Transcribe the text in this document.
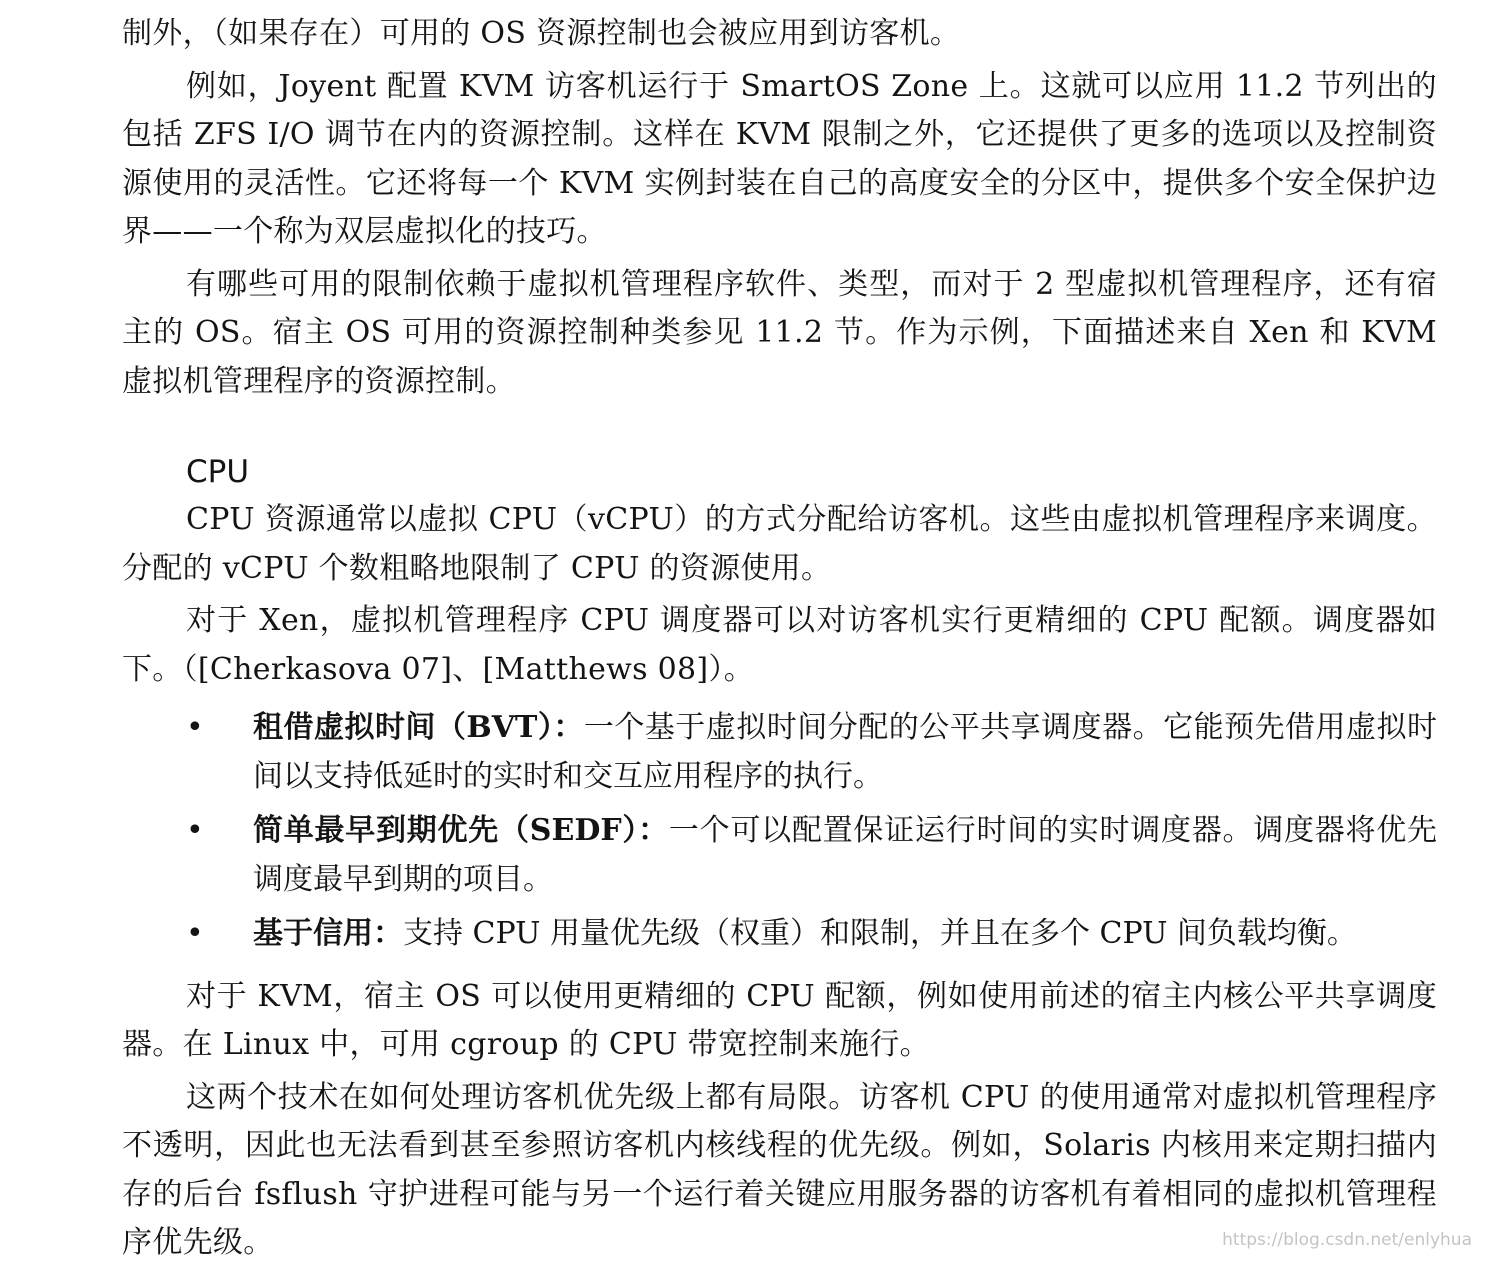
制外，（如果存在）可用的 OS 资源控制也会被应用到访客机。

例如，Joyent 配置 KVM 访客机运行于 SmartOS Zone 上。这就可以应用 11.2 节列出的包括 ZFS I/O 调节在内的资源控制。这样在 KVM 限制之外，它还提供了更多的选项以及控制资源使用的灵活性。它还将每一个 KVM 实例封装在自己的高度安全的分区中，提供多个安全保护边界——一个称为双层虚拟化的技巧。

有哪些可用的限制依赖于虚拟机管理程序软件、类型，而对于 2 型虚拟机管理程序，还有宿主的 OS。宿主 OS 可用的资源控制种类参见 11.2 节。作为示例，下面描述来自 Xen 和 KVM 虚拟机管理程序的资源控制。

CPU

CPU 资源通常以虚拟 CPU（vCPU）的方式分配给访客机。这些由虚拟机管理程序来调度。分配的 vCPU 个数粗略地限制了 CPU 的资源使用。

对于 Xen，虚拟机管理程序 CPU 调度器可以对访客机实行更精细的 CPU 配额。调度器如下。（[Cherkasova 07]、[Matthews 08]）。

• 租借虚拟时间（BVT）：一个基于虚拟时间分配的公平共享调度器。它能预先借用虚拟时间以支持低延时的实时和交互应用程序的执行。
• 简单最早到期优先（SEDF）：一个可以配置保证运行时间的实时调度器。调度器将优先调度最早到期的项目。
• 基于信用：支持 CPU 用量优先级（权重）和限制，并且在多个 CPU 间负载均衡。

对于 KVM，宿主 OS 可以使用更精细的 CPU 配额，例如使用前述的宿主内核公平共享调度器。在 Linux 中，可用 cgroup 的 CPU 带宽控制来施行。

这两个技术在如何处理访客机优先级上都有局限。访客机 CPU 的使用通常对虚拟机管理程序不透明，因此也无法看到甚至参照访客机内核线程的优先级。例如，Solaris 内核用来定期扫描内存的后台 fsflush 守护进程可能与另一个运行着关键应用服务器的访客机有着相同的虚拟机管理程序优先级。	https://blog.csdn.net/enlyhua
